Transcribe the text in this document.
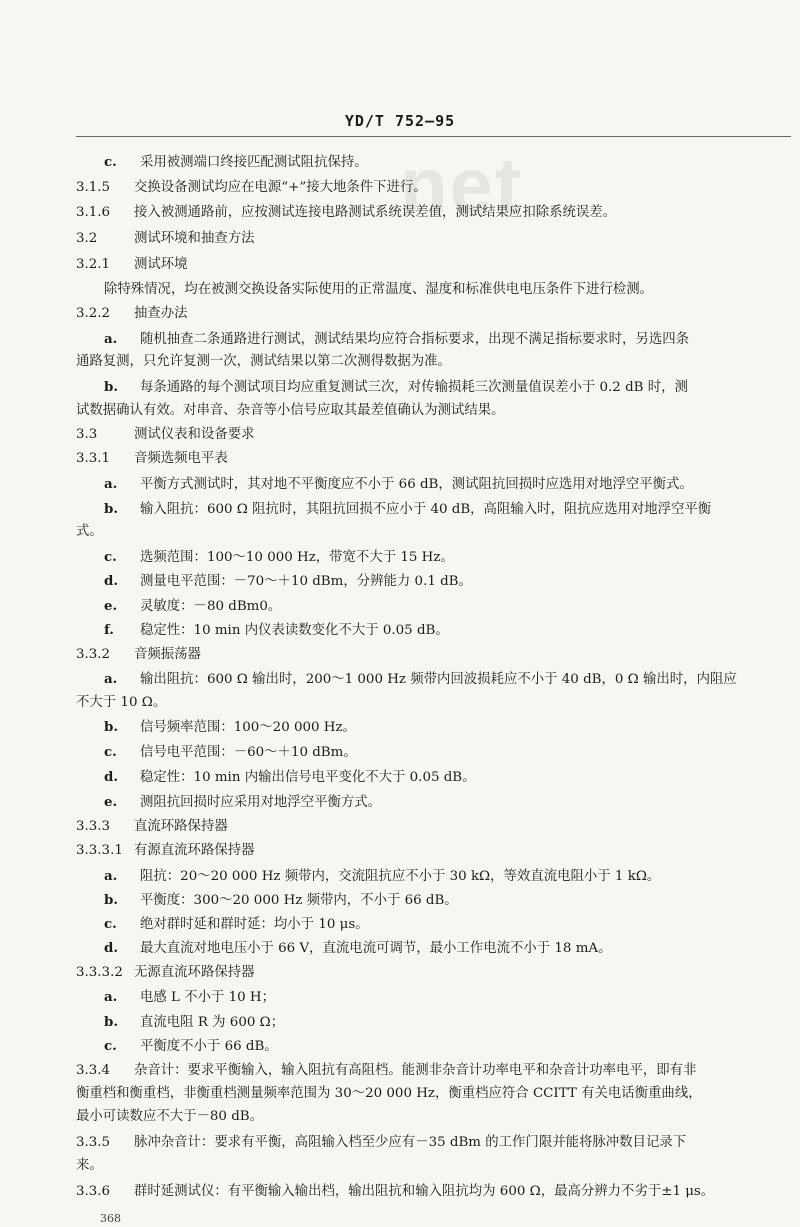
net
YD/T 752—95
c. 采用被测端口终接匹配测试阻抗保持。
3.1.5 交换设备测试均应在电源“+”接大地条件下进行。
3.1.6 接入被测通路前，应按测试连接电路测试系统误差值，测试结果应扣除系统误差。
3.2	测试环境和抽查方法
3.2.1 测试环境
除特殊情况，均在被测交换设备实际使用的正常温度、湿度和标准供电电压条件下进行检测。
3.2.2 抽查办法
a. 随机抽查二条通路进行测试，测试结果均应符合指标要求，出现不满足指标要求时，另选四条
通路复测，只允许复测一次，测试结果以第二次测得数据为准。
b. 每条通路的每个测试项目均应重复测试三次，对传输损耗三次测量值误差小于 0.2 dB 时，测
试数据确认有效。对串音、杂音等小信号应取其最差值确认为测试结果。
3.3	测试仪表和设备要求
3.3.1 音频选频电平表
a. 平衡方式测试时，其对地不平衡度应不小于 66 dB，测试阻抗回损时应选用对地浮空平衡式。
b. 输入阻抗：600 Ω 阻抗时，其阻抗回损不应小于 40 dB，高阻输入时，阻抗应选用对地浮空平衡
式。
c. 选频范围：100～10 000 Hz，带宽不大于 15 Hz。
d. 测量电平范围：－70～＋10 dBm，分辨能力 0.1 dB。
e. 灵敏度：－80 dBm0。
f. 稳定性：10 min 内仪表读数变化不大于 0.05 dB。
3.3.2 音频振荡器
a. 输出阻抗：600 Ω 输出时，200～1 000 Hz 频带内回波损耗应不小于 40 dB，0 Ω 输出时，内阻应
不大于 10 Ω。
b. 信号频率范围：100～20 000 Hz。
c. 信号电平范围：－60～＋10 dBm。
d. 稳定性：10 min 内输出信号电平变化不大于 0.05 dB。
e. 测阻抗回损时应采用对地浮空平衡方式。
3.3.3 直流环路保持器
3.3.3.1 有源直流环路保持器
a. 阻抗：20～20 000 Hz 频带内，交流阻抗应不小于 30 kΩ，等效直流电阻小于 1 kΩ。
b. 平衡度：300～20 000 Hz 频带内，不小于 66 dB。
c. 绝对群时延和群时延：均小于 10 μs。
d. 最大直流对地电压小于 66 V，直流电流可调节，最小工作电流不小于 18 mA。
3.3.3.2 无源直流环路保持器
a. 电感 L 不小于 10 H；
b. 直流电阻 R 为 600 Ω；
c. 平衡度不小于 66 dB。
3.3.4 杂音计：要求平衡输入，输入阻抗有高阻档。能测非杂音计功率电平和杂音计功率电平，即有非
衡重档和衡重档，非衡重档测量频率范围为 30～20 000 Hz，衡重档应符合 CCITT 有关电话衡重曲线，
最小可读数应不大于－80 dB。
3.3.5 脉冲杂音计：要求有平衡，高阻输入档至少应有－35 dBm 的工作门限并能将脉冲数目记录下
来。
3.3.6 群时延测试仪：有平衡输入输出档，输出阻抗和输入阻抗均为 600 Ω，最高分辨力不劣于±1 μs。
368
